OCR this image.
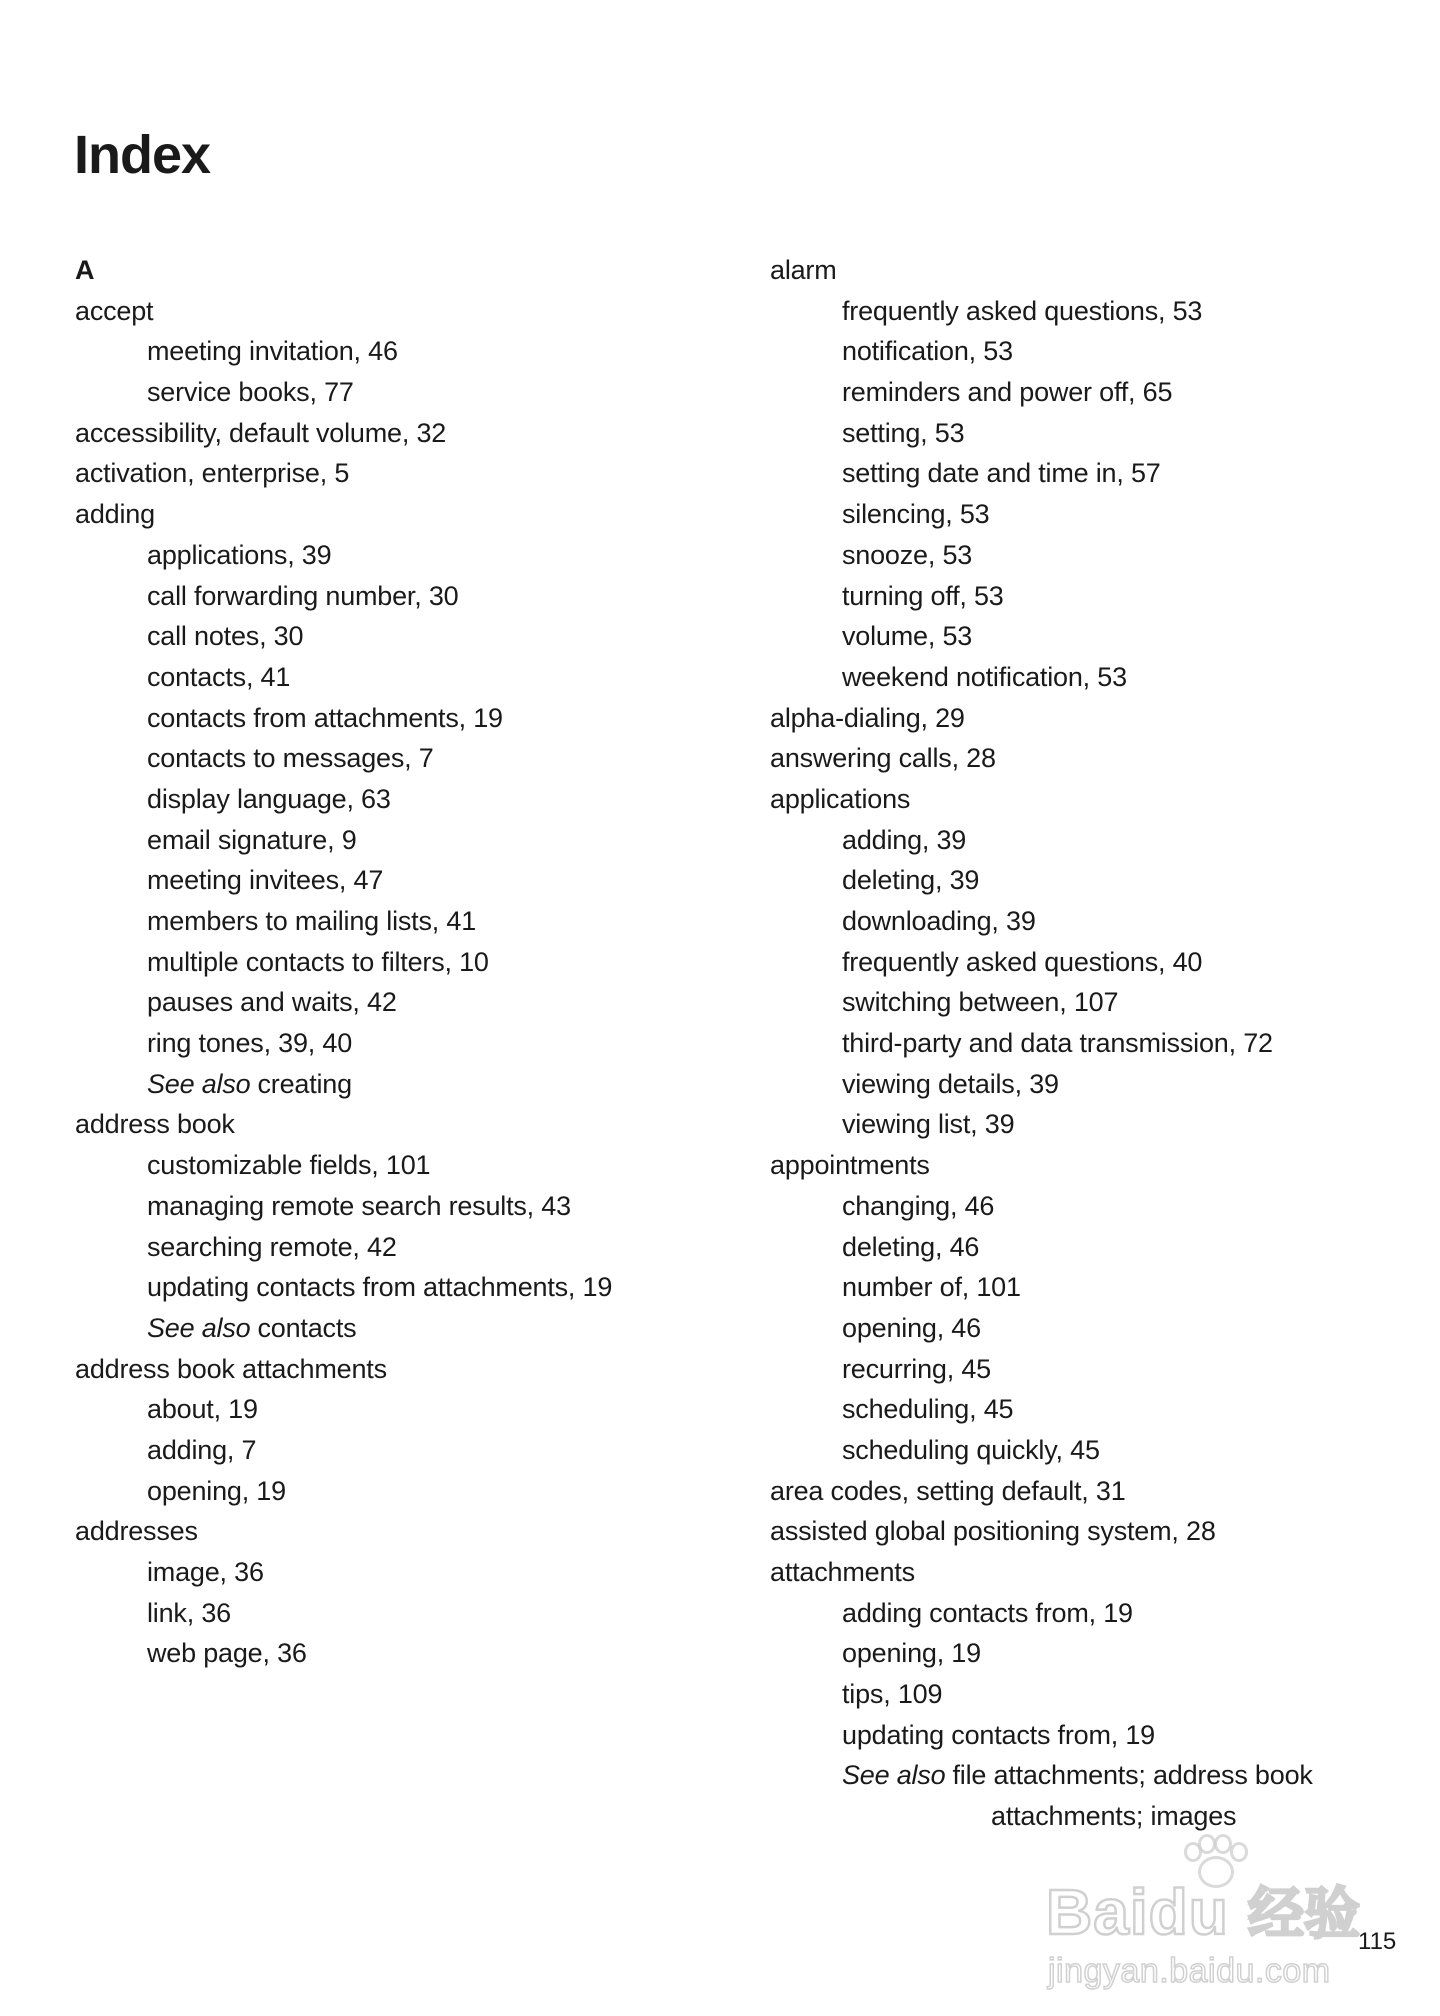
Index
A
accept
meeting invitation, 46
service books, 77
accessibility, default volume, 32
activation, enterprise, 5
adding
applications, 39
call forwarding number, 30
call notes, 30
contacts, 41
contacts from attachments, 19
contacts to messages, 7
display language, 63
email signature, 9
meeting invitees, 47
members to mailing lists, 41
multiple contacts to filters, 10
pauses and waits, 42
ring tones, 39, 40
See also creating
address book
customizable fields, 101
managing remote search results, 43
searching remote, 42
updating contacts from attachments, 19
See also contacts
address book attachments
about, 19
adding, 7
opening, 19
addresses
image, 36
link, 36
web page, 36
alarm
frequently asked questions, 53
notification, 53
reminders and power off, 65
setting, 53
setting date and time in, 57
silencing, 53
snooze, 53
turning off, 53
volume, 53
weekend notification, 53
alpha-dialing, 29
answering calls, 28
applications
adding, 39
deleting, 39
downloading, 39
frequently asked questions, 40
switching between, 107
third-party and data transmission, 72
viewing details, 39
viewing list, 39
appointments
changing, 46
deleting, 46
number of, 101
opening, 46
recurring, 45
scheduling, 45
scheduling quickly, 45
area codes, setting default, 31
assisted global positioning system, 28
attachments
adding contacts from, 19
opening, 19
tips, 109
updating contacts from, 19
See also file attachments; address book
attachments; images
115
Baidu 经验
jingyan.baidu.com
